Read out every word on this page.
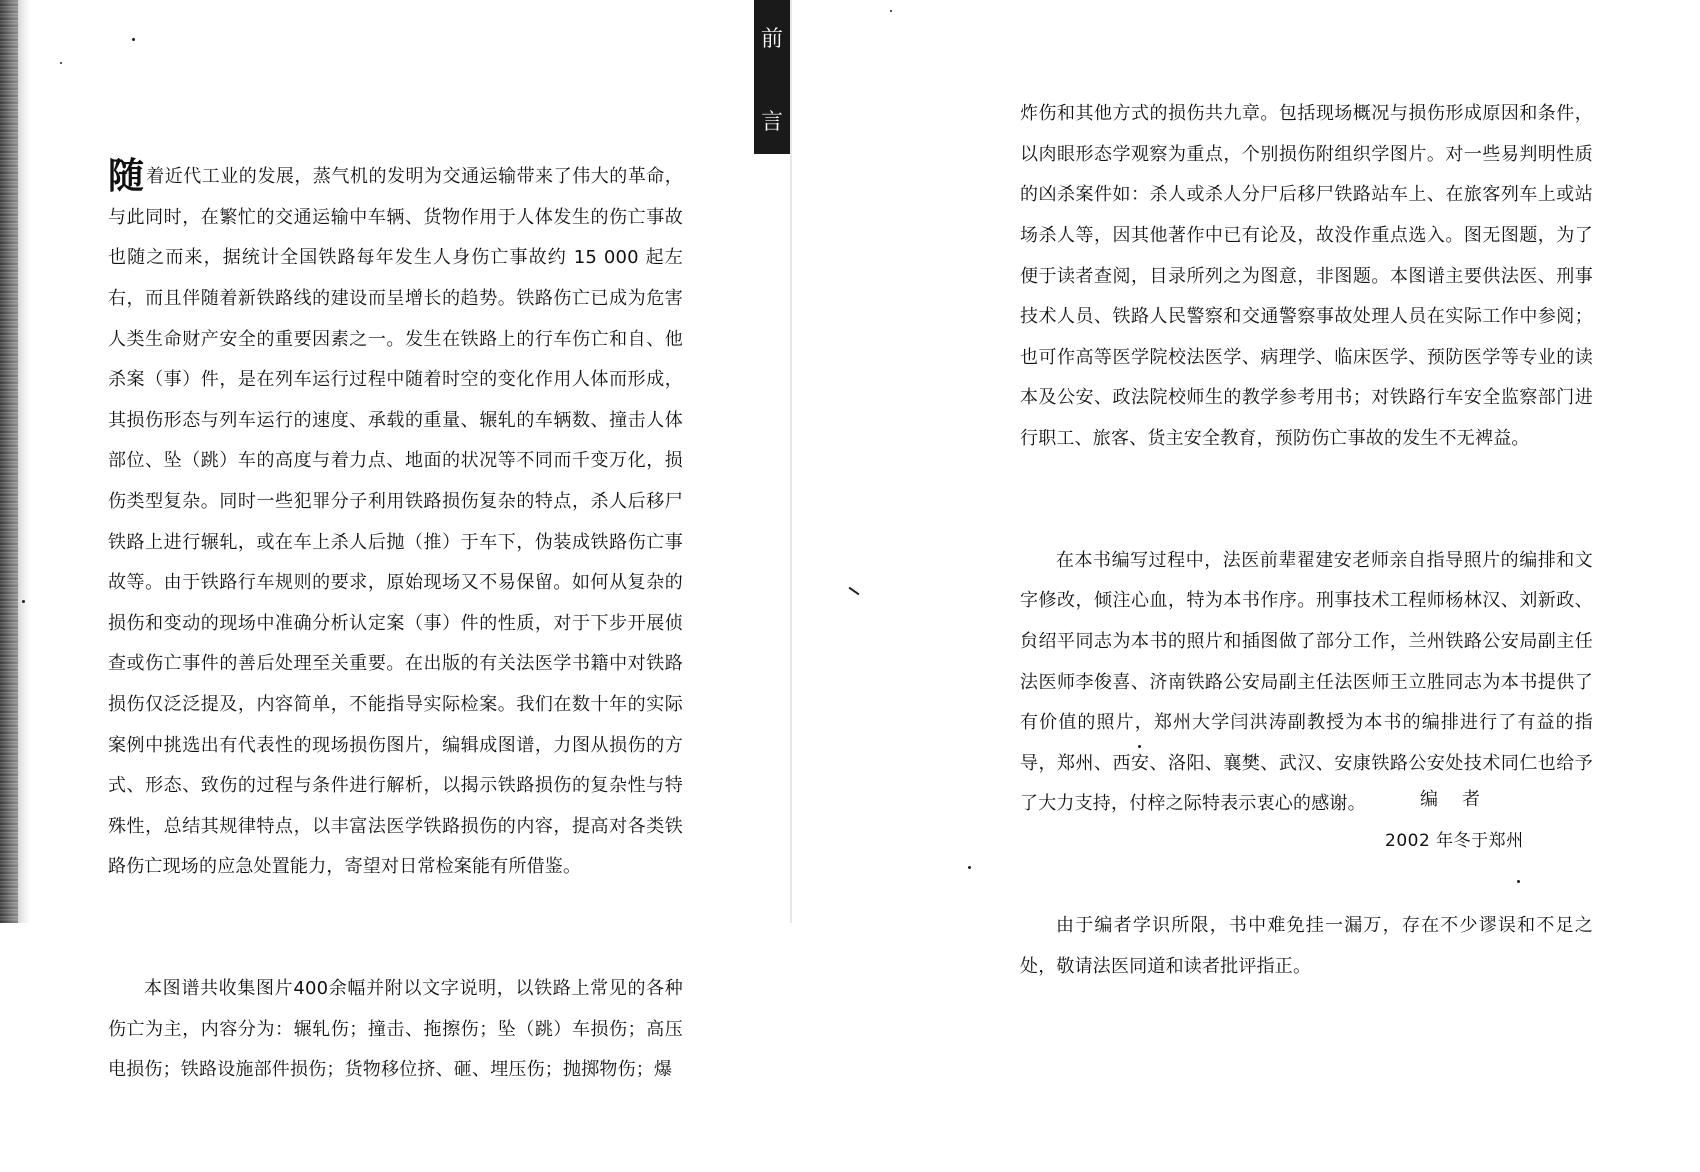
随着近代工业的发展，蒸气机的发明为交通运输带来了伟大的革命，与此同时，在繁忙的交通运输中车辆、货物作用于人体发生的伤亡事故也随之而来，据统计全国铁路每年发生人身伤亡事故约 15 000 起左右，而且伴随着新铁路线的建设而呈增长的趋势。铁路伤亡已成为危害人类生命财产安全的重要因素之一。发生在铁路上的行车伤亡和自、他杀案（事）件，是在列车运行过程中随着时空的变化作用人体而形成，其损伤形态与列车运行的速度、承载的重量、辗轧的车辆数、撞击人体部位、坠（跳）车的高度与着力点、地面的状况等不同而千变万化，损伤类型复杂。同时一些犯罪分子利用铁路损伤复杂的特点，杀人后移尸铁路上进行辗轧，或在车上杀人后抛（推）于车下，伪装成铁路伤亡事故等。由于铁路行车规则的要求，原始现场又不易保留。如何从复杂的损伤和变动的现场中准确分析认定案（事）件的性质，对于下步开展侦查或伤亡事件的善后处理至关重要。在出版的有关法医学书籍中对铁路损伤仅泛泛提及，内容简单，不能指导实际检案。我们在数十年的实际案例中挑选出有代表性的现场损伤图片，编辑成图谱，力图从损伤的方式、形态、致伤的过程与条件进行解析，以揭示铁路损伤的复杂性与特殊性，总结其规律特点，以丰富法医学铁路损伤的内容，提高对各类铁路伤亡现场的应急处置能力，寄望对日常检案能有所借鉴。

本图谱共收集图片400余幅并附以文字说明，以铁路上常见的各种伤亡为主，内容分为：辗轧伤；撞击、拖擦伤；坠（跳）车损伤；高压电损伤；铁路设施部件损伤；货物移位挤、砸、埋压伤；抛掷物伤；爆

前
言

	炸伤和其他方式的损伤共九章。包括现场概况与损伤形成原因和条件，以肉眼形态学观察为重点，个别损伤附组织学图片。对一些易判明性质的凶杀案件如：杀人或杀人分尸后移尸铁路站车上、在旅客列车上或站场杀人等，因其他著作中已有论及，故没作重点选入。图无图题，为了便于读者查阅，目录所列之为图意，非图题。本图谱主要供法医、刑事技术人员、铁路人民警察和交通警察事故处理人员在实际工作中参阅；也可作高等医学院校法医学、病理学、临床医学、预防医学等专业的读本及公安、政法院校师生的教学参考用书；对铁路行车安全监察部门进行职工、旅客、货主安全教育，预防伤亡事故的发生不无裨益。

在本书编写过程中，法医前辈翟建安老师亲自指导照片的编排和文字修改，倾注心血，特为本书作序。刑事技术工程师杨林汉、刘新政、贠绍平同志为本书的照片和插图做了部分工作，兰州铁路公安局副主任法医师李俊喜、济南铁路公安局副主任法医师王立胜同志为本书提供了有价值的照片，郑州大学闫洪涛副教授为本书的编排进行了有益的指导，郑州、西安、洛阳、襄樊、武汉、安康铁路公安处技术同仁也给予了大力支持，付梓之际特表示衷心的感谢。

由于编者学识所限，书中难免挂一漏万，存在不少谬误和不足之处，敬请法医同道和读者批评指正。

编者
2002 年冬于郑州
